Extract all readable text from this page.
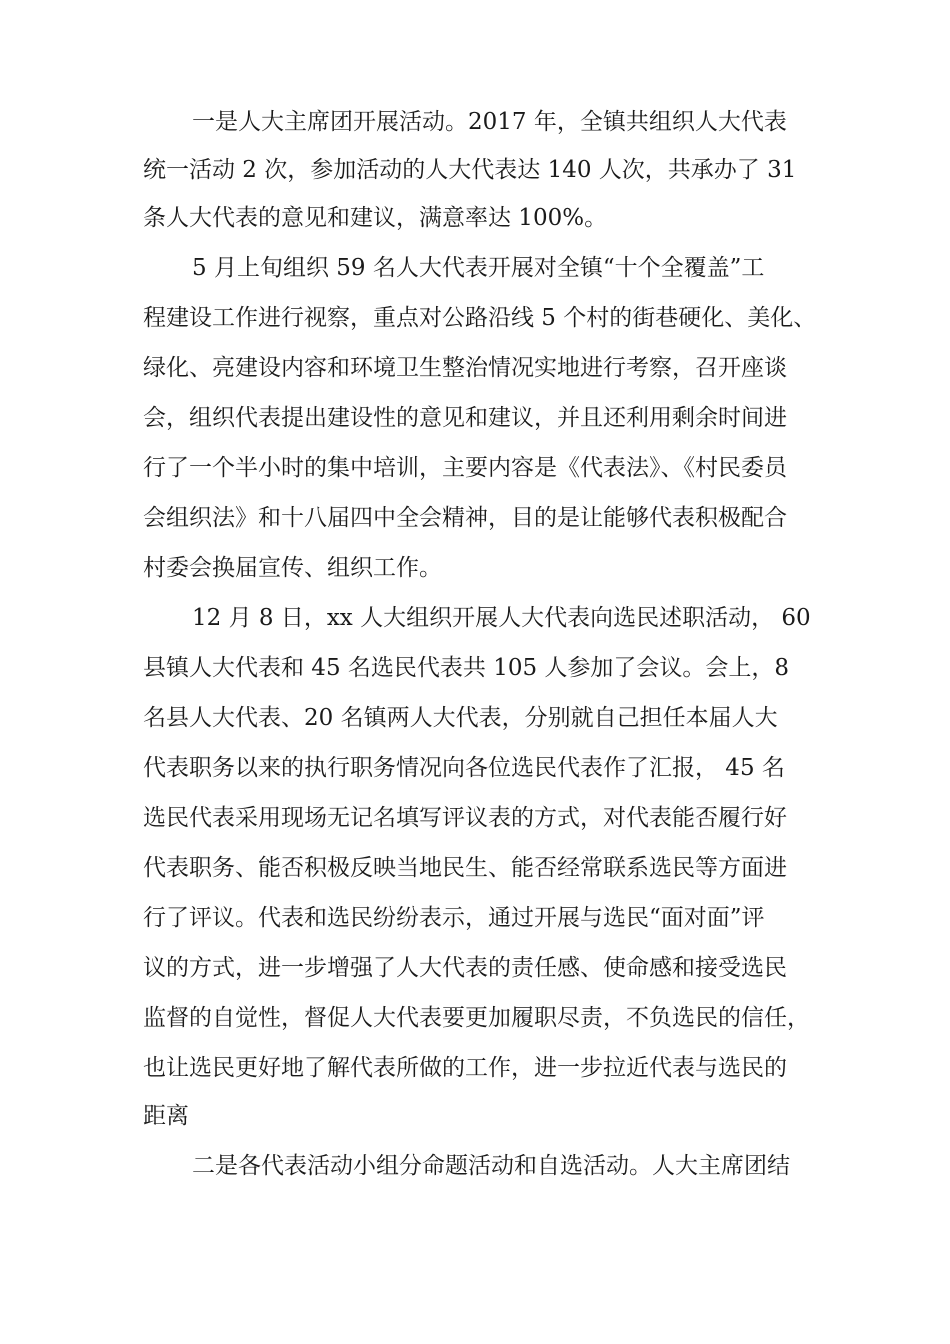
一是人大主席团开展活动。2017 年，全镇共组织人大代表
统一活动 2 次，参加活动的人大代表达 140 人次，共承办了 31
条人大代表的意见和建议，满意率达 100%。
5 月上旬组织 59 名人大代表开展对全镇“十个全覆盖”工
程建设工作进行视察，重点对公路沿线 5 个村的街巷硬化、美化、
绿化、亮建设内容和环境卫生整治情况实地进行考察，召开座谈
会，组织代表提出建设性的意见和建议，并且还利用剩余时间进
行了一个半小时的集中培训，主要内容是《代表法》、《村民委员
会组织法》和十八届四中全会精神，目的是让能够代表积极配合
村委会换届宣传、组织工作。
12 月 8 日，xx 人大组织开展人大代表向选民述职活动， 60
县镇人大代表和 45 名选民代表共 105 人参加了会议。会上，8
名县人大代表、20 名镇两人大代表，分别就自己担任本届人大
代表职务以来的执行职务情况向各位选民代表作了汇报， 45 名
选民代表采用现场无记名填写评议表的方式，对代表能否履行好
代表职务、能否积极反映当地民生、能否经常联系选民等方面进
行了评议。代表和选民纷纷表示，通过开展与选民“面对面”评
议的方式，进一步增强了人大代表的责任感、使命感和接受选民
监督的自觉性，督促人大代表要更加履职尽责，不负选民的信任，
也让选民更好地了解代表所做的工作，进一步拉近代表与选民的
距离
二是各代表活动小组分命题活动和自选活动。人大主席团结
